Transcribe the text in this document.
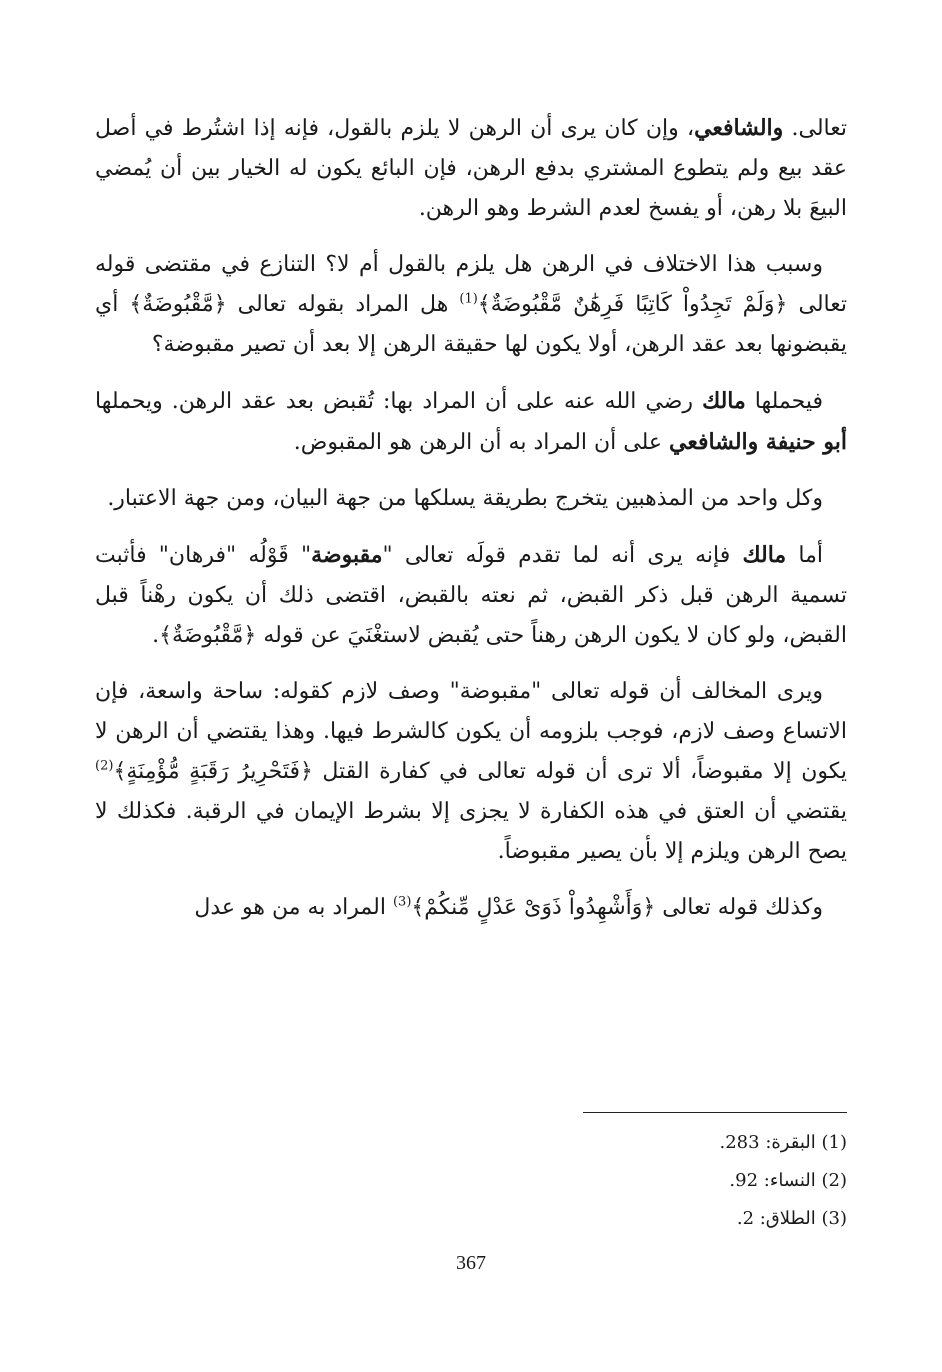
تعالى. والشافعي، وإن كان يرى أن الرهن لا يلزم بالقول، فإنه إذا اشتُرط في أصل عقد بيع ولم يتطوع المشتري بدفع الرهن، فإن البائع يكون له الخيار بين أن يُمضي البيعَ بلا رهن، أو يفسخ لعدم الشرط وهو الرهن.

وسبب هذا الاختلاف في الرهن هل يلزم بالقول أم لا؟ التنازع في مقتضى قوله تعالى ﴿وَلَمْ تَجِدُواْ كَاتِبًا فَرِهَٰنٌ مَّقْبُوضَةٌ﴾$^{(1)}$ هل المراد بقوله تعالى ﴿مَّقْبُوضَةٌ﴾ أي يقبضونها بعد عقد الرهن، أولا يكون لها حقيقة الرهن إلا بعد أن تصير مقبوضة؟

فيحملها مالك رضي الله عنه على أن المراد بها: تُقبض بعد عقد الرهن. ويحملها أبو حنيفة والشافعي على أن المراد به أن الرهن هو المقبوض.

وكل واحد من المذهبين يتخرج بطريقة يسلكها من جهة البيان، ومن جهة الاعتبار.

أما مالك فإنه يرى أنه لما تقدم قولَه تعالى "مقبوضة" قَوْلُه "فرهان" فأثبت تسمية الرهن قبل ذكر القبض، ثم نعته بالقبض، اقتضى ذلك أن يكون رهْناً قبل القبض، ولو كان لا يكون الرهن رهناً حتى يُقبض لاستغْنَيَ عن قوله ﴿مَّقْبُوضَةٌ﴾.

ويرى المخالف أن قوله تعالى "مقبوضة" وصف لازم كقوله: ساحة واسعة، فإن الاتساع وصف لازم، فوجب بلزومه أن يكون كالشرط فيها. وهذا يقتضي أن الرهن لا يكون إلا مقبوضاً، ألا ترى أن قوله تعالى في كفارة القتل ﴿فَتَحْرِيرُ رَقَبَةٍ مُّؤْمِنَةٍ﴾$^{(2)}$ يقتضي أن العتق في هذه الكفارة لا يجزى إلا بشرط الإيمان في الرقبة. فكذلك لا يصح الرهن ويلزم إلا بأن يصير مقبوضاً.

وكذلك قوله تعالى ﴿وَأَشْهِدُواْ ذَوَىْ عَدْلٍ مِّنكُمْ﴾$^{(3)}$ المراد به من هو عدل

(1) البقرة: 283.

(2) النساء: 92.

(3) الطلاق: 2.

367
